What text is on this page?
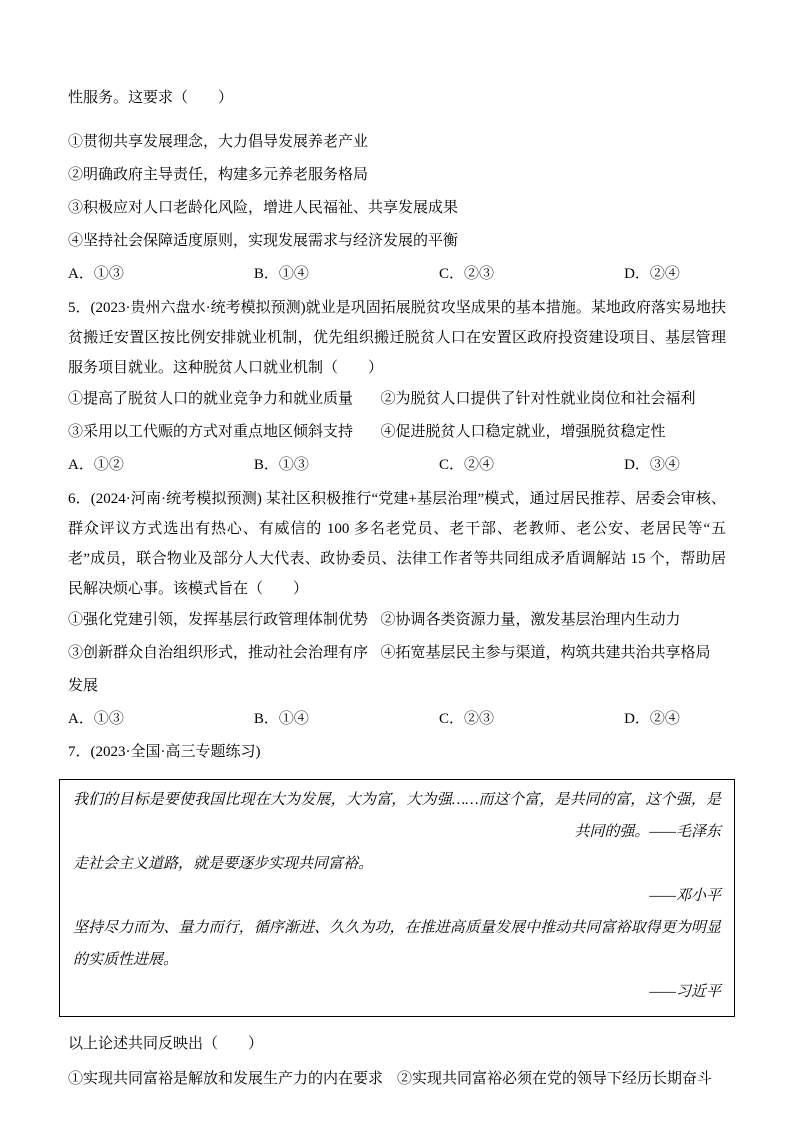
性服务。这要求（　　）

①贯彻共享发展理念，大力倡导发展养老产业

②明确政府主导责任，构建多元养老服务格局

③积极应对人口老龄化风险，增进人民福祉、共享发展成果

④坚持社会保障适度原则，实现发展需求与经济发展的平衡

A．①③	B．①④	C．②③	D．②④

5．(2023·贵州六盘水·统考模拟预测)就业是巩固拓展脱贫攻坚成果的基本措施。某地政府落实易地扶贫搬迁安置区按比例安排就业机制，优先组织搬迁脱贫人口在安置区政府投资建设项目、基层管理服务项目就业。这种脱贫人口就业机制（　　）

①提高了脱贫人口的就业竞争力和就业质量	②为脱贫人口提供了针对性就业岗位和社会福利
③采用以工代赈的方式对重点地区倾斜支持	④促进脱贫人口稳定就业，增强脱贫稳定性
A．①②	B．①③	C．②④	D．③④

6．(2024·河南·统考模拟预测) 某社区积极推行“党建+基层治理”模式，通过居民推荐、居委会审核、群众评议方式选出有热心、有威信的 100 多名老党员、老干部、老教师、老公安、老居民等“五老”成员，联合物业及部分人大代表、政协委员、法律工作者等共同组成矛盾调解站 15 个，帮助居民解决烦心事。该模式旨在（　　）

①强化党建引领，发挥基层行政管理体制优势 ②协调各类资源力量，激发基层治理内生动力
③创新群众自治组织形式，推动社会治理有序发展
④拓宽基层民主参与渠道，构筑共建共治共享格局
A．①③	B．①④	C．②③	D．②④

7．(2023·全国·高三专题练习)

我们的目标是要使我国比现在大为发展，大为富，大为强……而这个富，是共同的富，这个强，是共同的强。——毛泽东

走社会主义道路，就是要逐步实现共同富裕。

——邓小平

坚持尽力而为、量力而行，循序渐进、久久为功，在推进高质量发展中推动共同富裕取得更为明显的实质性进展。

——习近平

以上论述共同反映出（　　）

①实现共同富裕是解放和发展生产力的内在要求 ②实现共同富裕必须在党的领导下经历长期奋斗
